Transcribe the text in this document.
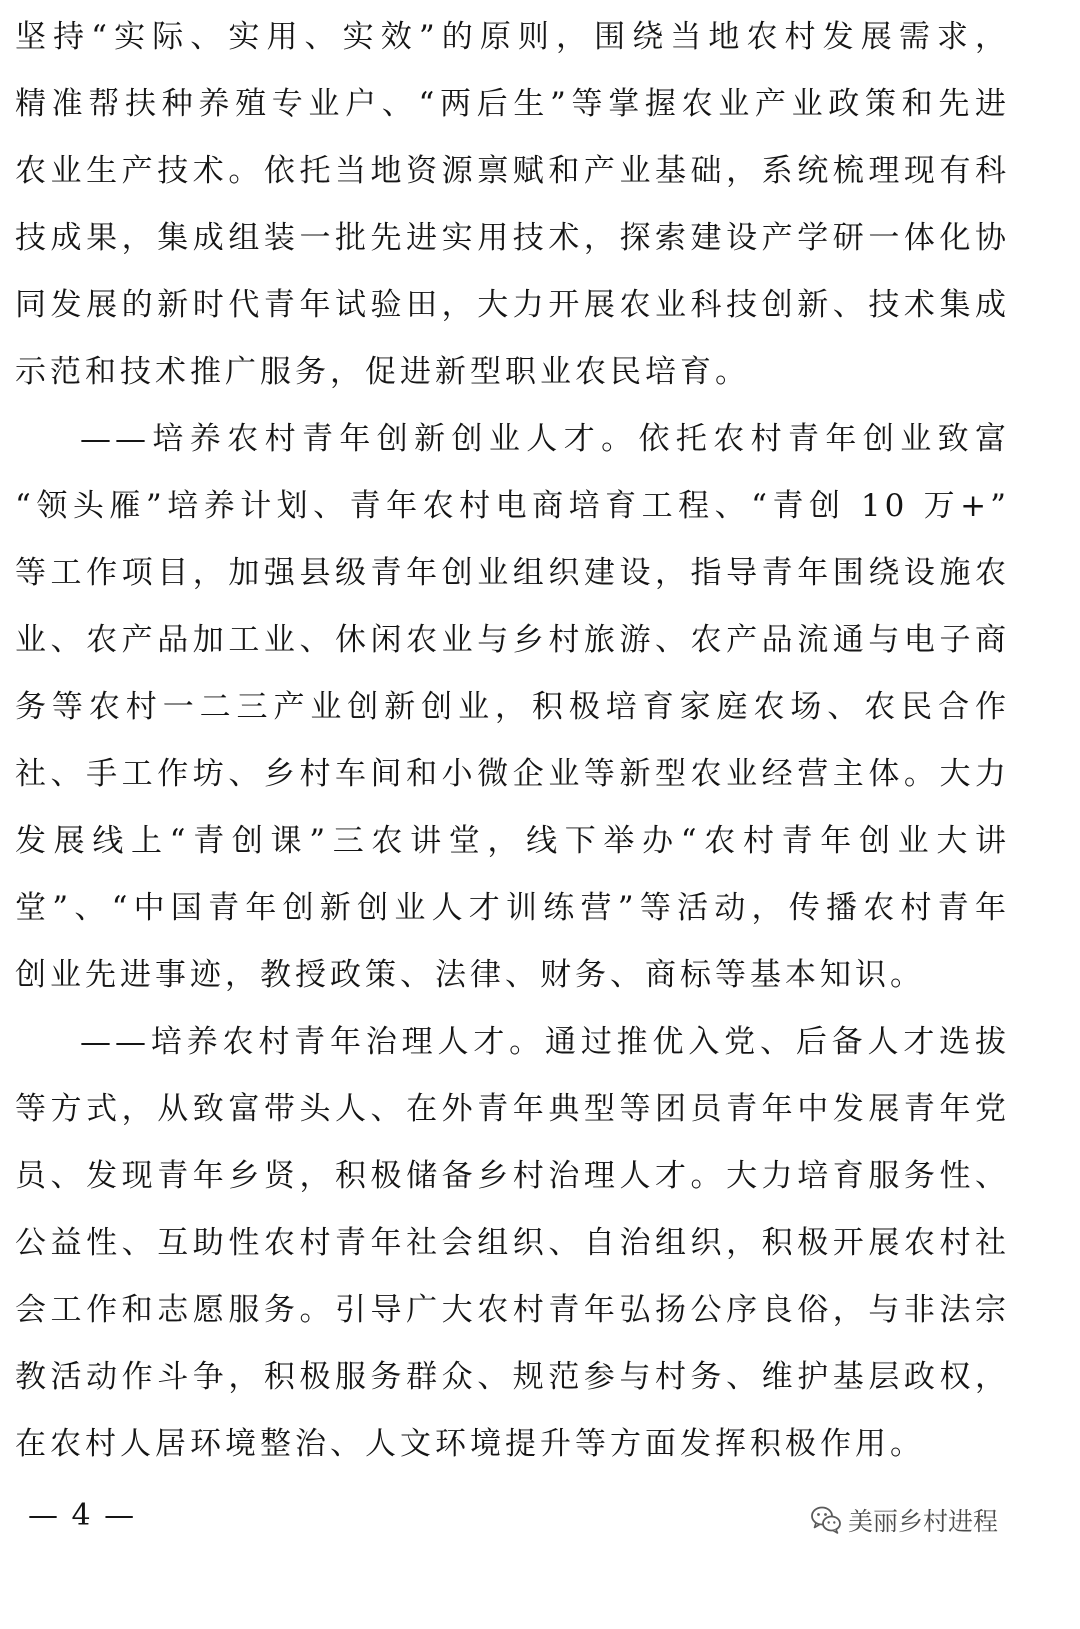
坚持“实际、实用、实效”的原则，围绕当地农村发展需求，
精准帮扶种养殖专业户、“两后生”等掌握农业产业政策和先进
农业生产技术。依托当地资源禀赋和产业基础，系统梳理现有科
技成果，集成组装一批先进实用技术，探索建设产学研一体化协
同发展的新时代青年试验田，大力开展农业科技创新、技术集成
示范和技术推广服务，促进新型职业农民培育。
——培养农村青年创新创业人才。依托农村青年创业致富
“领头雁”培养计划、青年农村电商培育工程、“青创 10 万+”
等工作项目，加强县级青年创业组织建设，指导青年围绕设施农
业、农产品加工业、休闲农业与乡村旅游、农产品流通与电子商
务等农村一二三产业创新创业，积极培育家庭农场、农民合作
社、手工作坊、乡村车间和小微企业等新型农业经营主体。大力
发展线上“青创课”三农讲堂，线下举办“农村青年创业大讲
堂”、“中国青年创新创业人才训练营”等活动，传播农村青年
创业先进事迹，教授政策、法律、财务、商标等基本知识。
——培养农村青年治理人才。通过推优入党、后备人才选拔
等方式，从致富带头人、在外青年典型等团员青年中发展青年党
员、发现青年乡贤，积极储备乡村治理人才。大力培育服务性、
公益性、互助性农村青年社会组织、自治组织，积极开展农村社
会工作和志愿服务。引导广大农村青年弘扬公序良俗，与非法宗
教活动作斗争，积极服务群众、规范参与村务、维护基层政权，
在农村人居环境整治、人文环境提升等方面发挥积极作用。
— 4 —	美丽乡村进程
